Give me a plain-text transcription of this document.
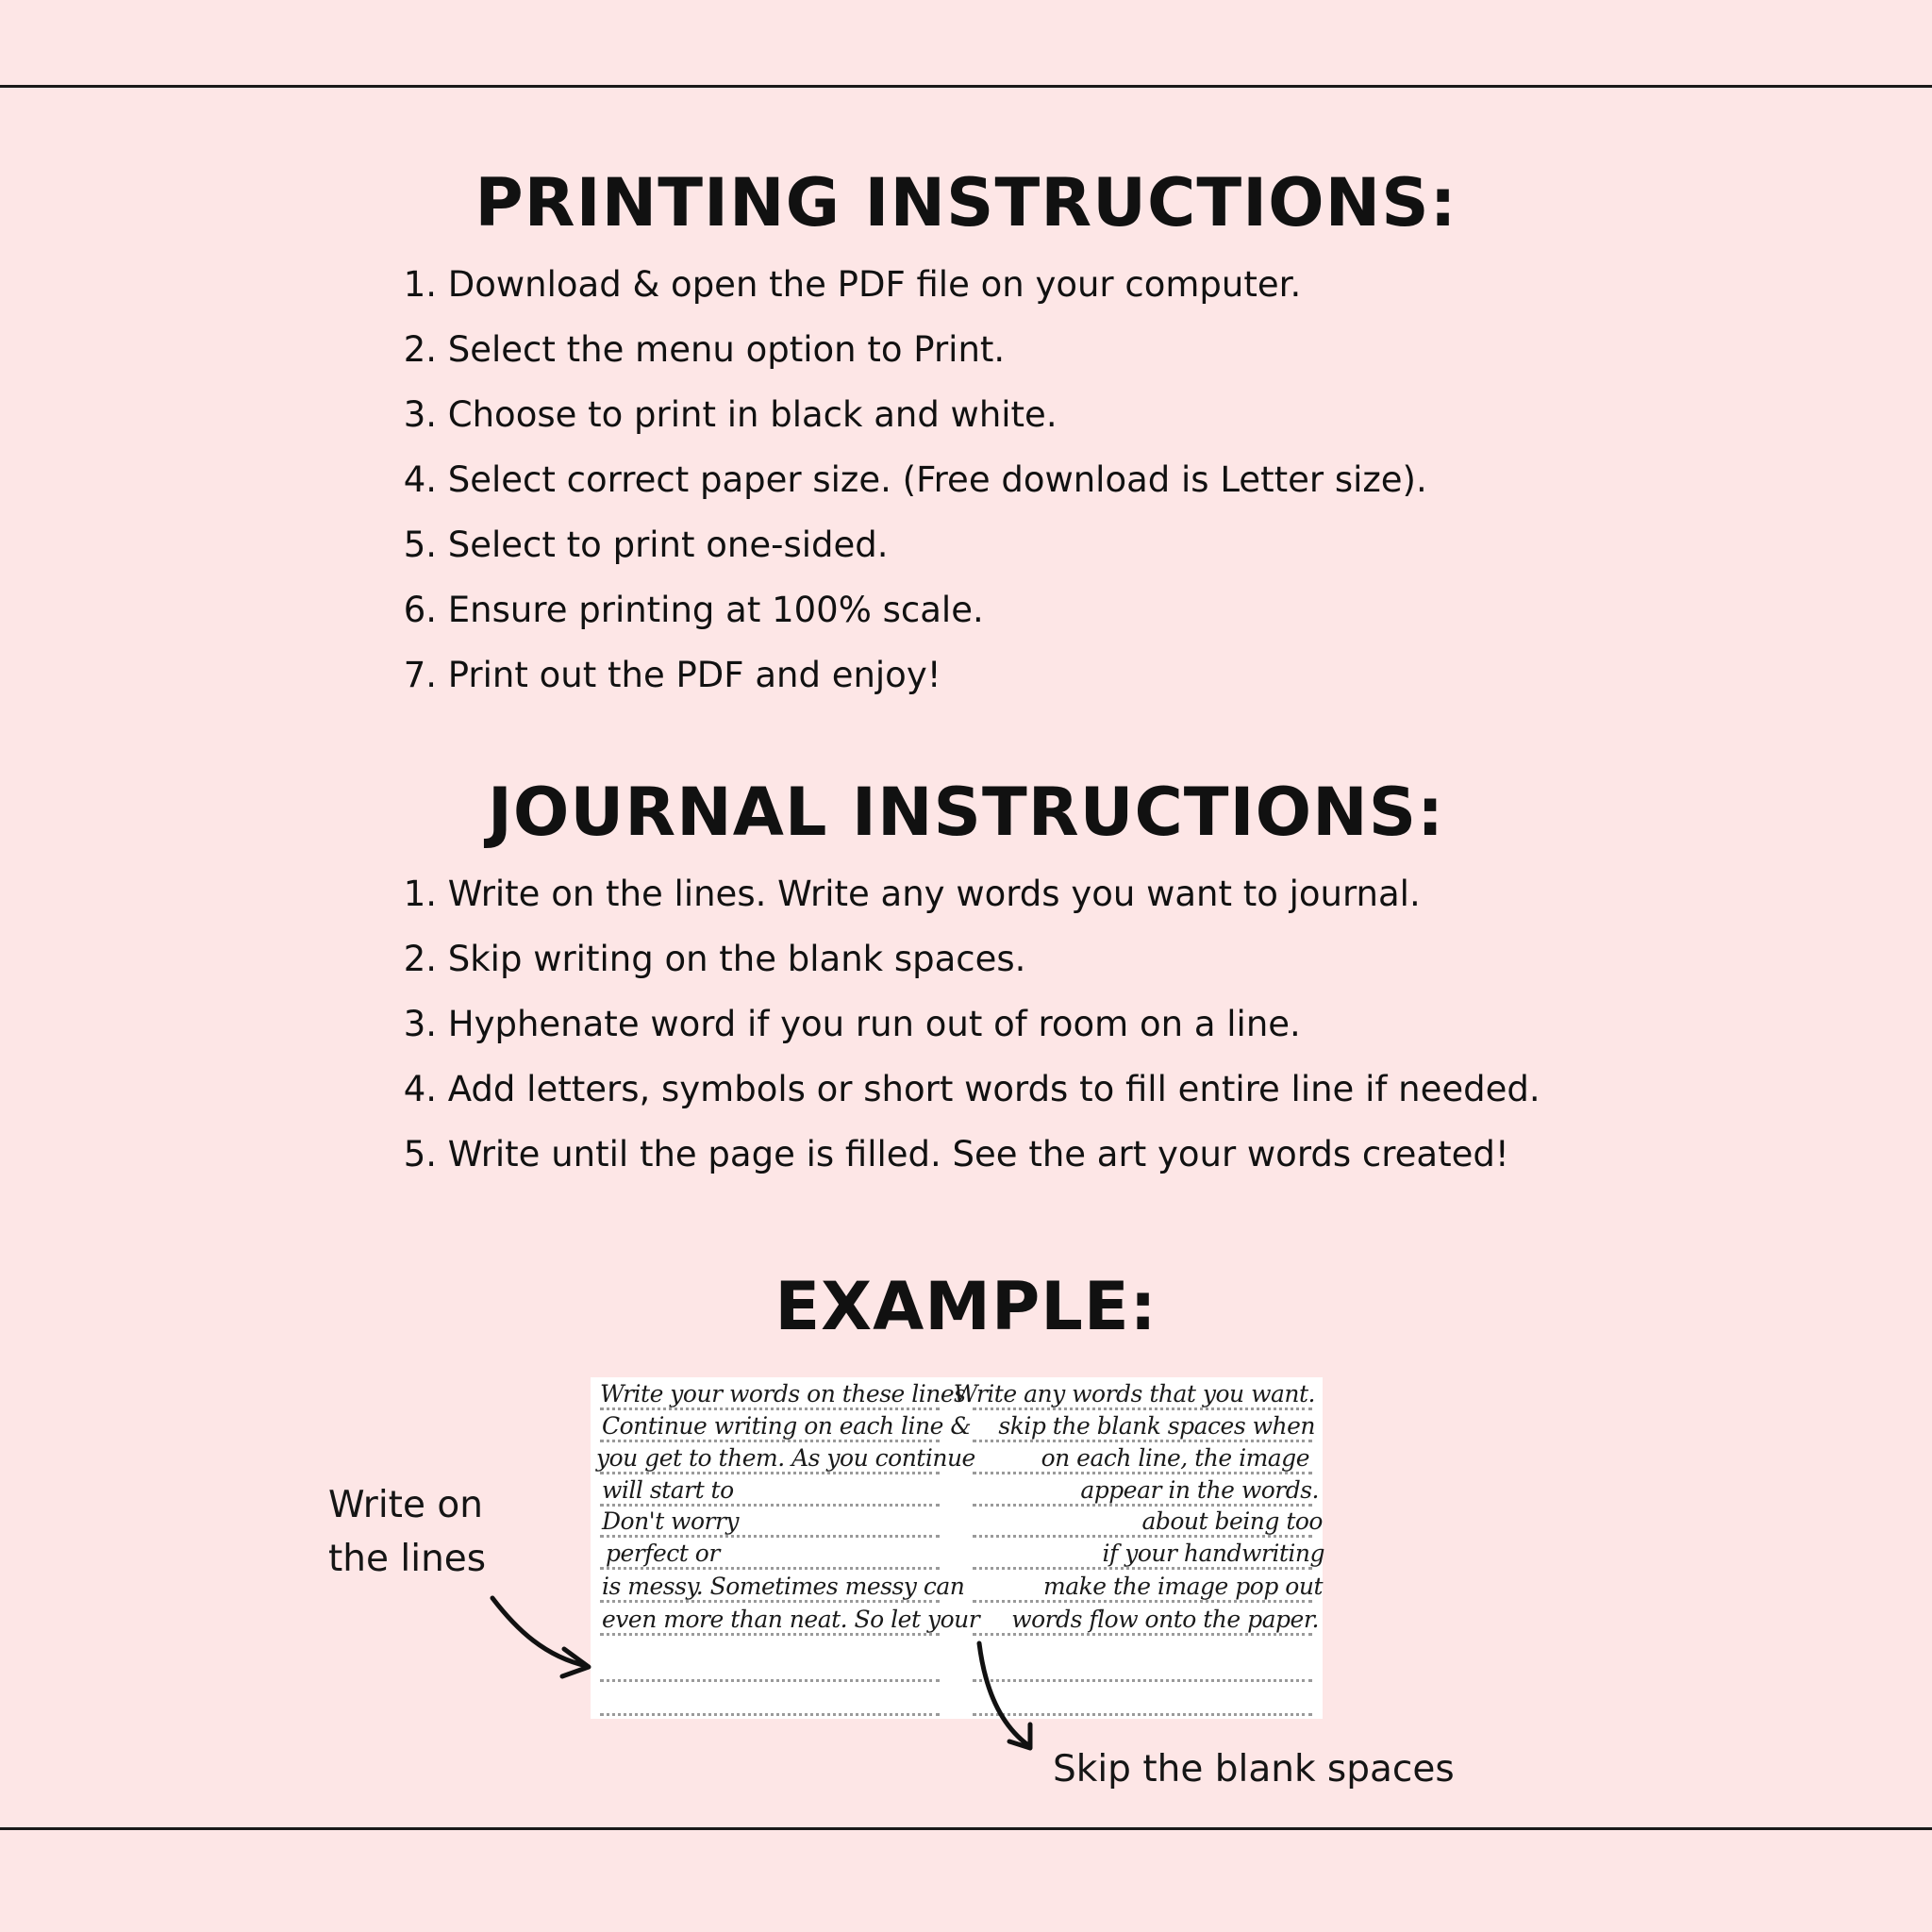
PRINTING INSTRUCTIONS:
1.
Download & open the PDF file on your computer.
2.
Select the menu option to Print.
3.
Choose to print in black and white.
4.
Select correct paper size. (Free download is Letter size).
5.
Select to print one-sided.
6.
Ensure printing at 100% scale.
7.
Print out the PDF and enjoy!
JOURNAL INSTRUCTIONS:
1.
Write on the lines. Write any words you want to journal.
2.
Skip writing on the blank spaces.
3.
Hyphenate word if you run out of room on a line.
4.
Add letters, symbols or short words to fill entire line if needed.
5.
Write until the page is filled. See the art your words created!
EXAMPLE:
Write your words on these lines.
Continue writing on each line &
you get to them. As you continue
will start to
Don't worry
perfect or
is messy. Sometimes messy can
even more than neat. So let your
Write any words that you want.
skip the blank spaces when
on each line, the image
appear in the words.
about being too
if your handwriting
make the image pop out
words flow onto the paper.
Write on the lines
Skip the blank spaces
